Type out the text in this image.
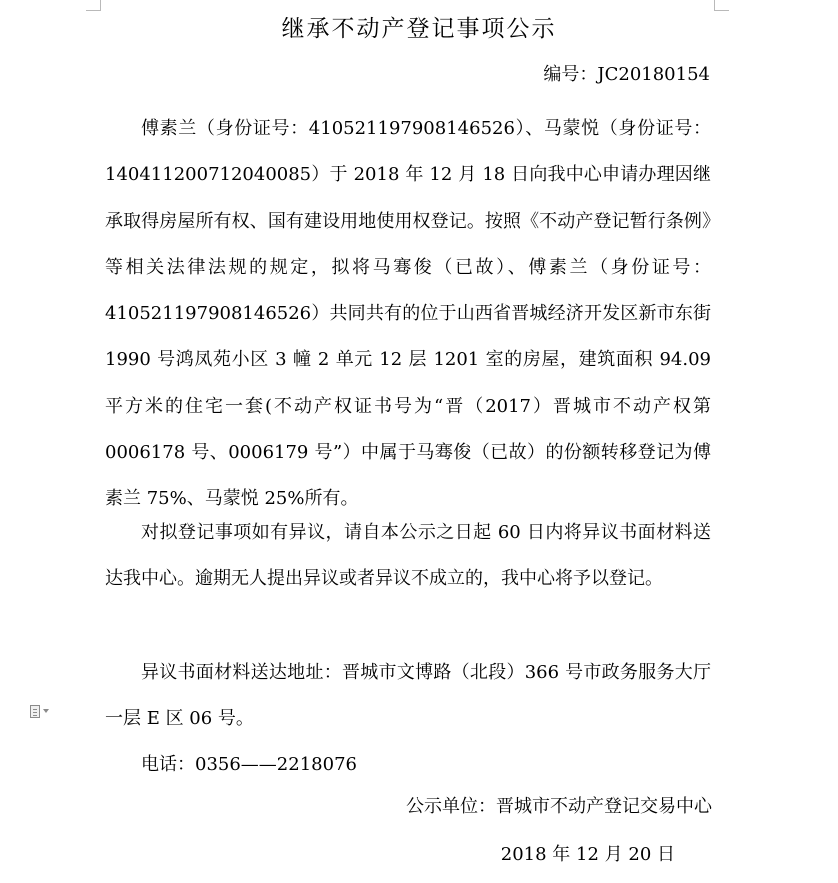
继承不动产登记事项公示
编号：JC20180154

傅素兰（身份证号：410521197908146526）、马蒙悦（身份证号：140411200712040085）于 2018 年 12 月 18 日向我中心申请办理因继承取得房屋所有权、国有建设用地使用权登记。按照《不动产登记暂行条例》等相关法律法规的规定，拟将马骞俊（已故）、傅素兰（身份证号：410521197908146526）共同共有的位于山西省晋城经济开发区新市东街 1990 号鸿凤苑小区 3 幢 2 单元 12 层 1201 室的房屋，建筑面积 94.09 平方米的住宅一套(不动产权证书号为“晋（2017）晋城市不动产权第 0006178 号、0006179 号”）中属于马骞俊（已故）的份额转移登记为傅素兰 75%、马蒙悦 25%所有。

对拟登记事项如有异议，请自本公示之日起 60 日内将异议书面材料送达我中心。逾期无人提出异议或者异议不成立的，我中心将予以登记。

异议书面材料送达地址：晋城市文博路（北段）366 号市政务服务大厅一层 E 区 06 号。

电话：0356——2218076
公示单位：晋城市不动产登记交易中心
2018 年 12 月 20 日
